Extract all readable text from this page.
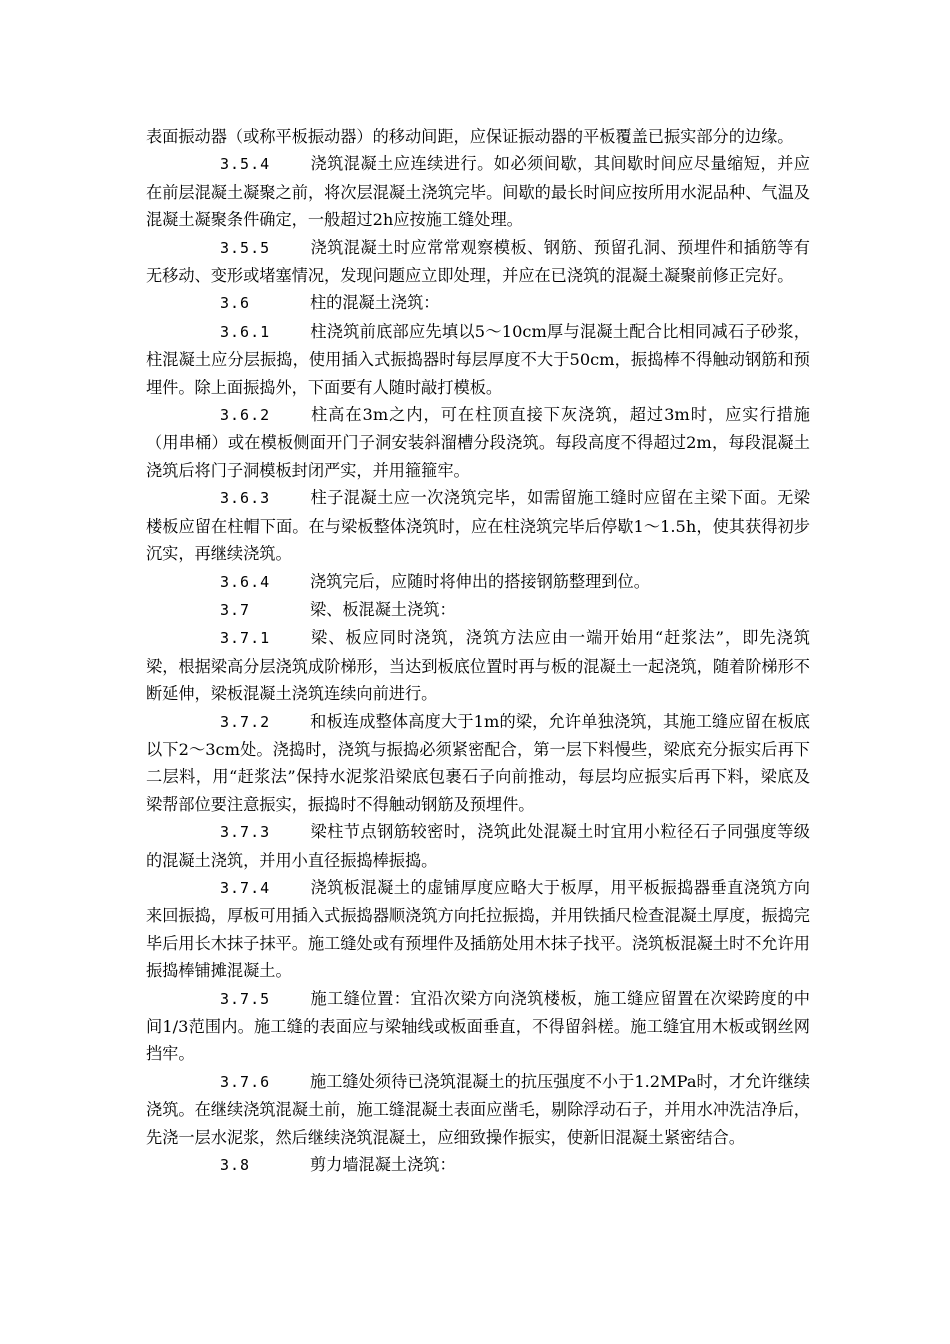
表面振动器（或称平板振动器）的移动间距，应保证振动器的平板覆盖已振实部分的边缘。

3.5.4 浇筑混凝土应连续进行。如必须间歇，其间歇时间应尽量缩短，并应在前层混凝土凝聚之前，将次层混凝土浇筑完毕。间歇的最长时间应按所用水泥品种、气温及混凝土凝聚条件确定，一般超过2h应按施工缝处理。

3.5.5 浇筑混凝土时应常常观察模板、钢筋、预留孔洞、预埋件和插筋等有无移动、变形或堵塞情况，发现问题应立即处理，并应在已浇筑的混凝土凝聚前修正完好。

3.6	柱的混凝土浇筑：

3.6.1 柱浇筑前底部应先填以5～10cm厚与混凝土配合比相同减石子砂浆，柱混凝土应分层振捣，使用插入式振捣器时每层厚度不大于50cm，振捣棒不得触动钢筋和预埋件。除上面振捣外，下面要有人随时敲打模板。

3.6.2 柱高在3m之内，可在柱顶直接下灰浇筑，超过3m时，应实行措施（用串桶）或在模板侧面开门子洞安装斜溜槽分段浇筑。每段高度不得超过2m，每段混凝土浇筑后将门子洞模板封闭严实，并用箍箍牢。

3.6.3 柱子混凝土应一次浇筑完毕，如需留施工缝时应留在主梁下面。无梁楼板应留在柱帽下面。在与梁板整体浇筑时，应在柱浇筑完毕后停歇1～1.5h，使其获得初步沉实，再继续浇筑。

3.6.4 浇筑完后，应随时将伸出的搭接钢筋整理到位。

3.7	梁、板混凝土浇筑：

3.7.1 梁、板应同时浇筑，浇筑方法应由一端开始用“赶浆法”，即先浇筑梁，根据梁高分层浇筑成阶梯形，当达到板底位置时再与板的混凝土一起浇筑，随着阶梯形不断延伸，梁板混凝土浇筑连续向前进行。

3.7.2 和板连成整体高度大于1m的梁，允许单独浇筑，其施工缝应留在板底以下2～3cm处。浇捣时，浇筑与振捣必须紧密配合，第一层下料慢些，梁底充分振实后再下二层料，用“赶浆法”保持水泥浆沿梁底包裹石子向前推动，每层均应振实后再下料，梁底及梁帮部位要注意振实，振捣时不得触动钢筋及预埋件。

3.7.3 梁柱节点钢筋较密时，浇筑此处混凝土时宜用小粒径石子同强度等级的混凝土浇筑，并用小直径振捣棒振捣。

3.7.4 浇筑板混凝土的虚铺厚度应略大于板厚，用平板振捣器垂直浇筑方向来回振捣，厚板可用插入式振捣器顺浇筑方向托拉振捣，并用铁插尺检查混凝土厚度，振捣完毕后用长木抹子抹平。施工缝处或有预埋件及插筋处用木抹子找平。浇筑板混凝土时不允许用振捣棒铺摊混凝土。

3.7.5 施工缝位置：宜沿次梁方向浇筑楼板，施工缝应留置在次梁跨度的中间1/3范围内。施工缝的表面应与梁轴线或板面垂直，不得留斜槎。施工缝宜用木板或钢丝网挡牢。

3.7.6 施工缝处须待已浇筑混凝土的抗压强度不小于1.2MPa时，才允许继续浇筑。在继续浇筑混凝土前，施工缝混凝土表面应凿毛，剔除浮动石子，并用水冲洗洁净后，先浇一层水泥浆，然后继续浇筑混凝土，应细致操作振实，使新旧混凝土紧密结合。

3.8	剪力墙混凝土浇筑：
